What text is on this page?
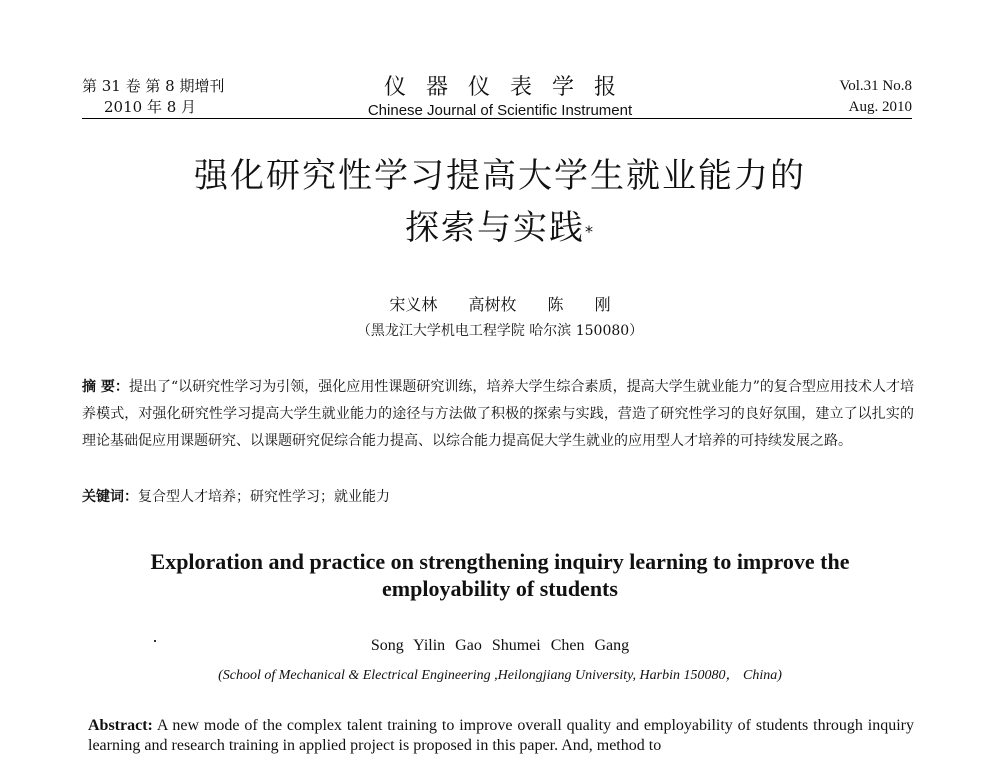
第 31 卷 第 8 期增刊
2010 年 8 月
仪器仪表学报
Chinese Journal of Scientific Instrument
Vol.31 No.8
Aug. 2010
强化研究性学习提高大学生就业能力的
探索与实践*
宋义林 高树枚 陈 刚
（黑龙江大学机电工程学院 哈尔滨 150080）
摘 要：提出了“以研究性学习为引领，强化应用性课题研究训练，培养大学生综合素质，提高大学生就业能力”的复合型应用技术人才培养模式，对强化研究性学习提高大学生就业能力的途径与方法做了积极的探索与实践，营造了研究性学习的良好氛围，建立了以扎实的理论基础促应用课题研究、以课题研究促综合能力提高、以综合能力提高促大学生就业的应用型人才培养的可持续发展之路。
关键词：复合型人才培养；研究性学习；就业能力
Exploration and practice on strengthening inquiry learning to improve the employability of students
Song Yilin Gao Shumei Chen Gang
(School of Mechanical & Electrical Engineering ,Heilongjiang University, Harbin 150080， China)
Abstract: A new mode of the complex talent training to improve overall quality and employability of students through inquiry learning and research training in applied project is proposed in this paper. And, method to
